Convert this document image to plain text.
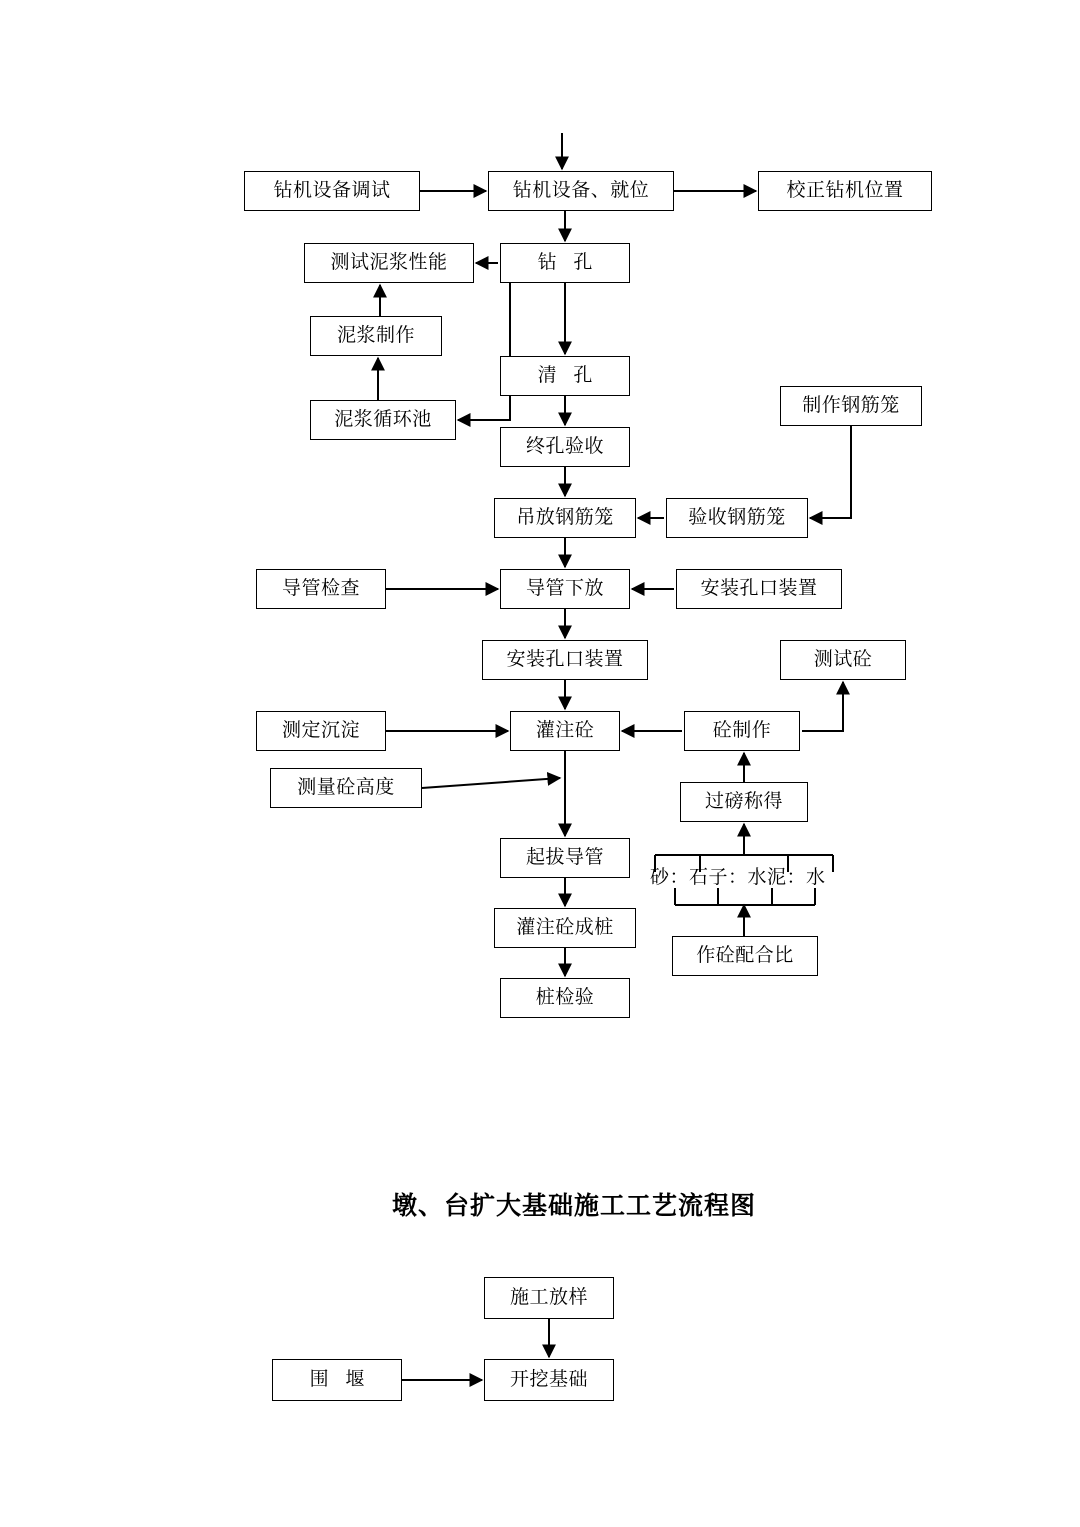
钻机设备调试	钻机设备、就位	校正钻机位置
测试泥浆性能	钻 孔
泥浆制作
清 孔
制作钢筋笼
泥浆循环池
终孔验收
吊放钢筋笼	验收钢筋笼
导管检查	导管下放	安装孔口装置
安装孔口装置	测试砼
测定沉淀	灌注砼	砼制作
测量砼高度
过磅称得
起拔导管
灌注砼成桩
作砼配合比
桩检验
砂：石子：水泥：水
墩、台扩大基础施工工艺流程图
施工放样
围 堰	开挖基础
